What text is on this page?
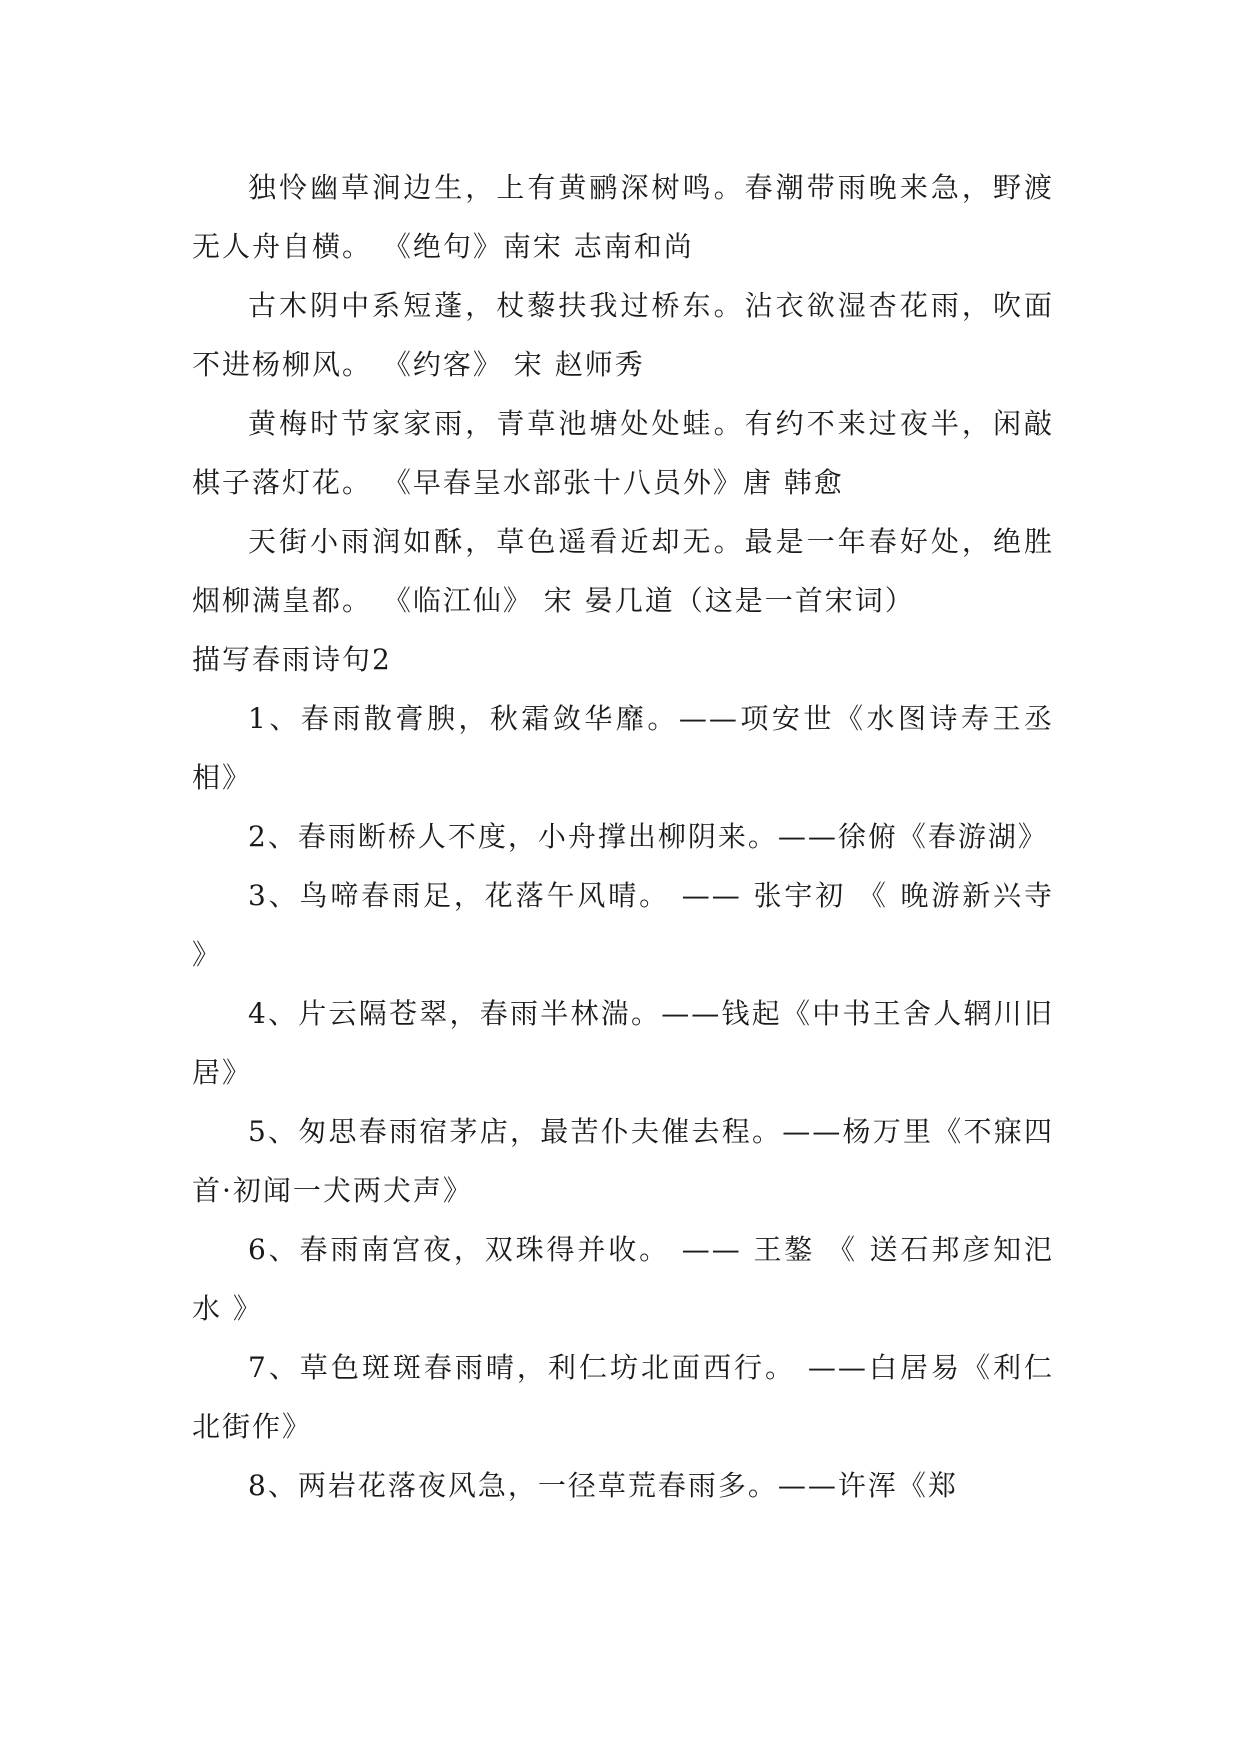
独怜幽草涧边生，上有黄鹂深树鸣。春潮带雨晚来急，野渡无人舟自横。 《绝句》南宋 志南和尚

古木阴中系短蓬，杖藜扶我过桥东。沾衣欲湿杏花雨，吹面不进杨柳风。 《约客》 宋 赵师秀

黄梅时节家家雨，青草池塘处处蛙。有约不来过夜半，闲敲棋子落灯花。 《早春呈水部张十八员外》唐 韩愈

天街小雨润如酥，草色遥看近却无。最是一年春好处，绝胜烟柳满皇都。 《临江仙》 宋 晏几道（这是一首宋词）

描写春雨诗句2

1、春雨散膏腴，秋霜敛华靡。——项安世《水图诗寿王丞相》

2、春雨断桥人不度，小舟撑出柳阴来。——徐俯《春游湖》

3、鸟啼春雨足，花落午风晴。 —— 张宇初 《 晚游新兴寺 》

4、片云隔苍翠，春雨半林湍。——钱起《中书王舍人辋川旧居》

5、匆思春雨宿茅店，最苦仆夫催去程。——杨万里《不寐四首·初闻一犬两犬声》

6、春雨南宫夜，双珠得并收。 —— 王鏊 《 送石邦彦知汜水 》

7、草色斑斑春雨晴，利仁坊北面西行。 ——白居易《利仁北街作》

8、两岩花落夜风急，一径草荒春雨多。——许浑《郑
